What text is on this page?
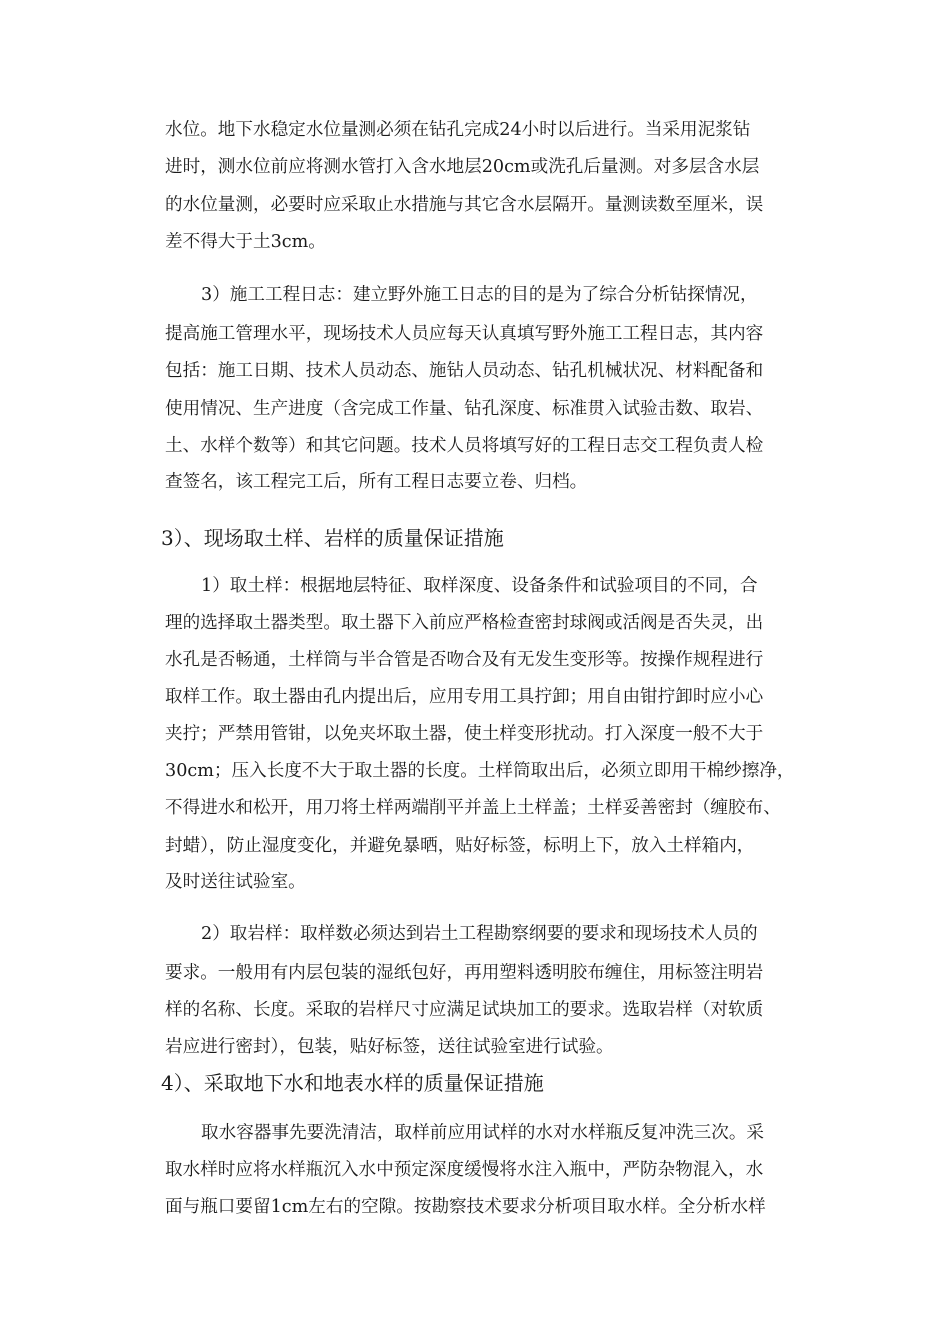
水位。地下水稳定水位量测必须在钻孔完成24小时以后进行。当采用泥浆钻
进时，测水位前应将测水管打入含水地层20cm或洗孔后量测。对多层含水层
的水位量测，必要时应采取止水措施与其它含水层隔开。量测读数至厘米，误
差不得大于土3cm。
3）施工工程日志：建立野外施工日志的目的是为了综合分析钻探情况，
提高施工管理水平，现场技术人员应每天认真填写野外施工工程日志，其内容
包括：施工日期、技术人员动态、施钻人员动态、钻孔机械状况、材料配备和
使用情况、生产进度（含完成工作量、钻孔深度、标准贯入试验击数、取岩、
土、水样个数等）和其它问题。技术人员将填写好的工程日志交工程负责人检
查签名，该工程完工后，所有工程日志要立卷、归档。
3）、现场取土样、岩样的质量保证措施
1）取土样：根据地层特征、取样深度、设备条件和试验项目的不同，合
理的选择取土器类型。取土器下入前应严格检查密封球阀或活阀是否失灵，出
水孔是否畅通，土样筒与半合管是否吻合及有无发生变形等。按操作规程进行
取样工作。取土器由孔内提出后，应用专用工具拧卸；用自由钳拧卸时应小心
夹拧；严禁用管钳，以免夹坏取土器，使土样变形扰动。打入深度一般不大于
30cm；压入长度不大于取土器的长度。土样筒取出后，必须立即用干棉纱擦净，
不得进水和松开，用刀将土样两端削平并盖上土样盖；土样妥善密封（缠胶布、
封蜡），防止湿度变化，并避免暴晒，贴好标签，标明上下，放入土样箱内，
及时送往试验室。
2）取岩样：取样数必须达到岩土工程勘察纲要的要求和现场技术人员的
要求。一般用有内层包装的湿纸包好，再用塑料透明胶布缠住，用标签注明岩
样的名称、长度。采取的岩样尺寸应满足试块加工的要求。选取岩样（对软质
岩应进行密封），包装，贴好标签，送往试验室进行试验。
4）、采取地下水和地表水样的质量保证措施
取水容器事先要洗清洁，取样前应用试样的水对水样瓶反复冲洗三次。采
取水样时应将水样瓶沉入水中预定深度缓慢将水注入瓶中，严防杂物混入，水
面与瓶口要留1cm左右的空隙。按勘察技术要求分析项目取水样。全分析水样
